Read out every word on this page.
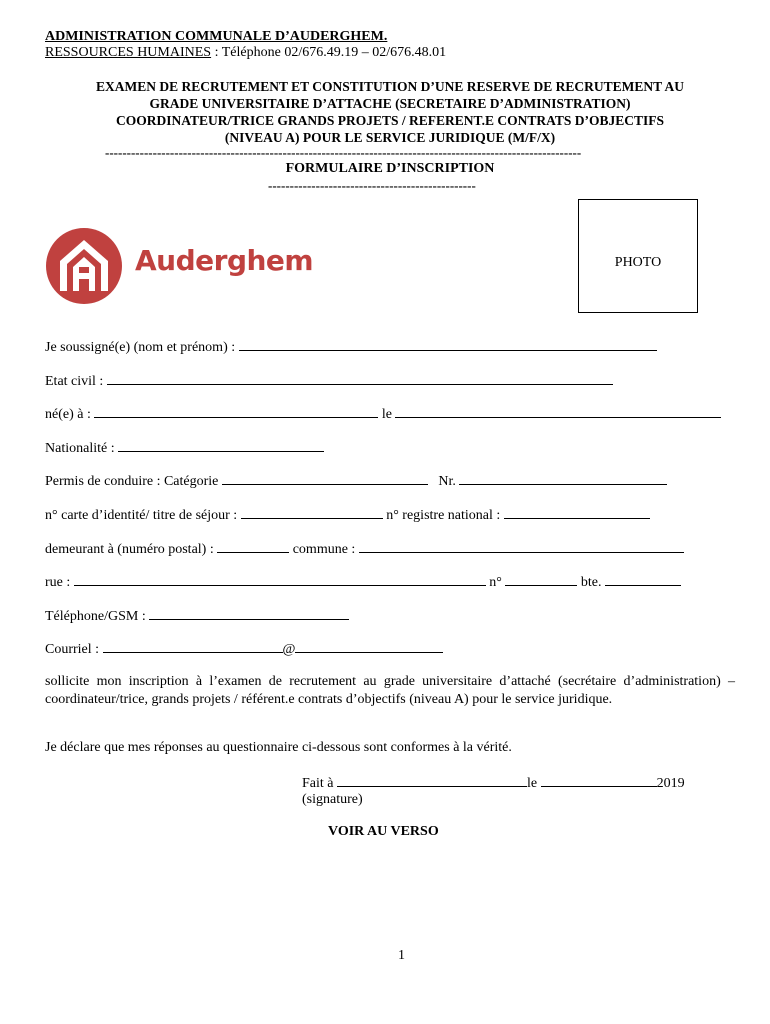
ADMINISTRATION COMMUNALE D’AUDERGHEM.
RESSOURCES HUMAINES : Téléphone 02/676.49.19 – 02/676.48.01
EXAMEN DE RECRUTEMENT ET CONSTITUTION D’UNE RESERVE DE RECRUTEMENT AU
GRADE UNIVERSITAIRE D’ATTACHE (SECRETAIRE D’ADMINISTRATION)
COORDINATEUR/TRICE GRANDS PROJETS / REFERENT.E CONTRATS D’OBJECTIFS
(NIVEAU A) POUR LE SERVICE JURIDIQUE (M/F/X)
--------------------------------------------------------------------------------------------------------------
FORMULAIRE D’INSCRIPTION
------------------------------------------------
PHOTO
Auderghem
Je soussigné(e) (nom et prénom) :
Etat civil :
né(e) à :	le
Nationalité :
Permis de conduire : Catégorie	Nr.
n° carte d’identité/ titre de séjour :	n° registre national :
demeurant à (numéro postal) :	commune :
rue :	n°	bte.
Téléphone/GSM :
Courriel :	@
sollicite mon inscription à l’examen de recrutement au grade universitaire d’attaché (secrétaire d’administration) – coordinateur/trice, grands projets / référent.e contrats d’objectifs (niveau A) pour le service juridique.
Je déclare que mes réponses au questionnaire ci-dessous sont conformes à la vérité.
Fait à	le	2019
(signature)
VOIR AU VERSO
1
